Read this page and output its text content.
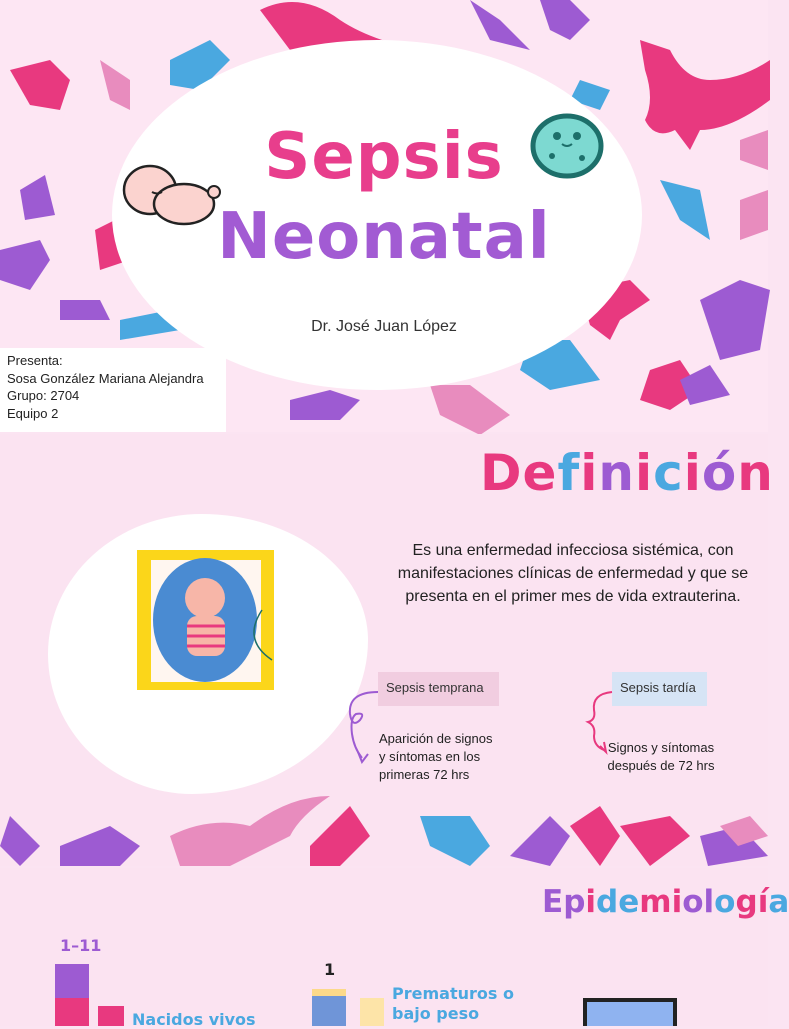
Sepsis
Neonatal
Dr. José Juan López
Presenta:
Sosa González Mariana Alejandra
Grupo: 2704
Equipo 2
Definición
Es una enfermedad infecciosa sistémica, con manifestaciones clínicas de enfermedad y que se presenta en el primer mes de vida extrauterina.
Sepsis temprana	Sepsis tardía
Aparición de signos
y síntomas en los
primeras 72 hrs
Signos y síntomas
después de 72 hrs
Epidemiología
1–11
Nacidos vivos
1
Prematuros o
bajo peso
